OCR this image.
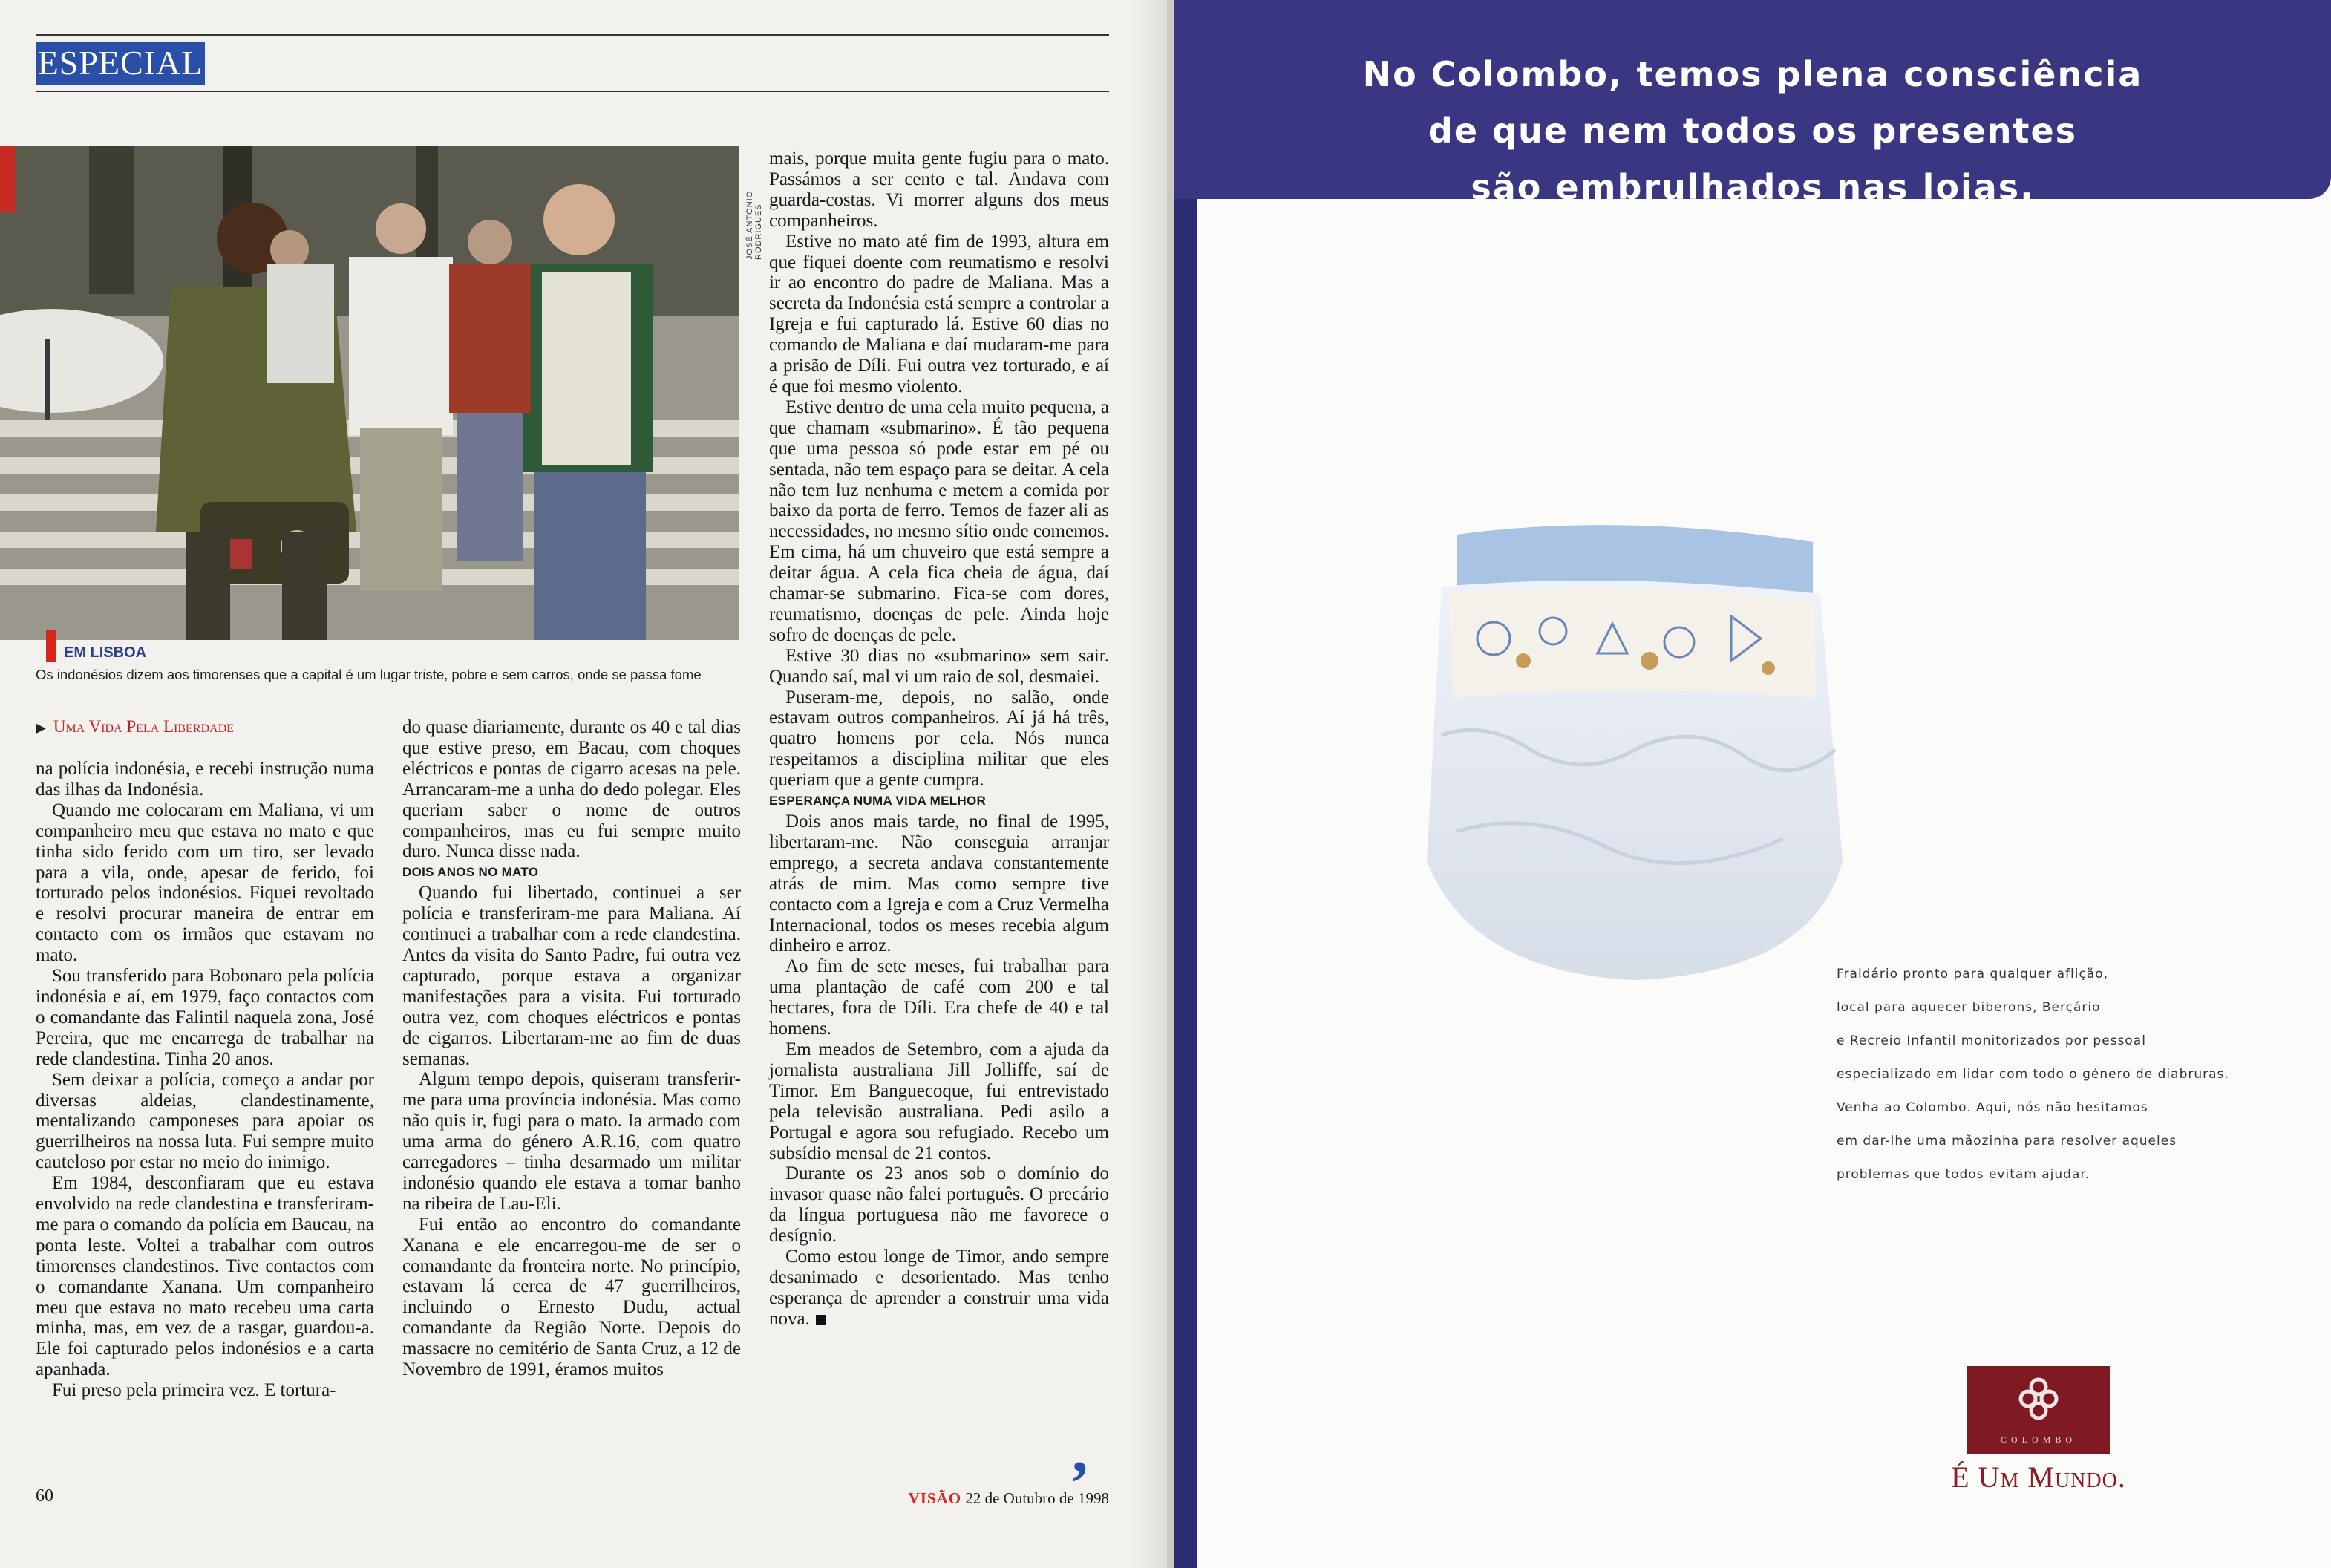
ESPECIAL
JOSÉ ANTÓNIO RODRIGUES
EM LISBOA
Os indonésios dizem aos timorenses que a capital é um lugar triste, pobre e sem carros, onde se passa fome
▶ Uma Vida Pela Liberdade

na polícia indonésia, e recebi instrução numa das ilhas da Indonésia.

Quando me colocaram em Maliana, vi um companheiro meu que estava no mato e que tinha sido ferido com um tiro, ser levado para a vila, onde, apesar de ferido, foi torturado pelos indonésios. Fiquei revoltado e resolvi procurar maneira de entrar em contacto com os irmãos que estavam no mato.

Sou transferido para Bobonaro pela polícia indonésia e aí, em 1979, faço contactos com o comandante das Falintil naquela zona, José Pereira, que me encarrega de trabalhar na rede clandestina. Tinha 20 anos.

Sem deixar a polícia, começo a andar por diversas aldeias, clandestinamente, mentalizando camponeses para apoiar os guerrilheiros na nossa luta. Fui sempre muito cauteloso por estar no meio do inimigo.

Em 1984, desconfiaram que eu estava envolvido na rede clandestina e transferiram-me para o comando da polícia em Baucau, na ponta leste. Voltei a trabalhar com outros timorenses clandestinos. Tive contactos com o comandante Xanana. Um companheiro meu que estava no mato recebeu uma carta minha, mas, em vez de a rasgar, guardou-a. Ele foi capturado pelos indonésios e a carta apanhada.

Fui preso pela primeira vez. E tortura-

do quase diariamente, durante os 40 e tal dias que estive preso, em Bacau, com choques eléctricos e pontas de cigarro acesas na pele. Arrancaram-me a unha do dedo polegar. Eles queriam saber o nome de outros companheiros, mas eu fui sempre muito duro. Nunca disse nada.

DOIS ANOS NO MATO

Quando fui libertado, continuei a ser polícia e transferiram-me para Maliana. Aí continuei a trabalhar com a rede clandestina. Antes da visita do Santo Padre, fui outra vez capturado, porque estava a organizar manifestações para a visita. Fui torturado outra vez, com choques eléctricos e pontas de cigarros. Libertaram-me ao fim de duas semanas.

Algum tempo depois, quiseram transferir-me para uma província indonésia. Mas como não quis ir, fugi para o mato. Ia armado com uma arma do género A.R.16, com quatro carregadores – tinha desarmado um militar indonésio quando ele estava a tomar banho na ribeira de Lau-Eli.

Fui então ao encontro do comandante Xanana e ele encarregou-me de ser o comandante da fronteira norte. No princípio, estavam lá cerca de 47 guerrilheiros, incluindo o Ernesto Dudu, actual comandante da Região Norte. Depois do massacre no cemitério de Santa Cruz, a 12 de Novembro de 1991, éramos muitos

mais, porque muita gente fugiu para o mato. Passámos a ser cento e tal. Andava com guarda-costas. Vi morrer alguns dos meus companheiros.

Estive no mato até fim de 1993, altura em que fiquei doente com reumatismo e resolvi ir ao encontro do padre de Maliana. Mas a secreta da Indonésia está sempre a controlar a Igreja e fui capturado lá. Estive 60 dias no comando de Maliana e daí mudaram-me para a prisão de Díli. Fui outra vez torturado, e aí é que foi mesmo violento.

Estive dentro de uma cela muito pequena, a que chamam «submarino». É tão pequena que uma pessoa só pode estar em pé ou sentada, não tem espaço para se deitar. A cela não tem luz nenhuma e metem a comida por baixo da porta de ferro. Temos de fazer ali as necessidades, no mesmo sítio onde comemos. Em cima, há um chuveiro que está sempre a deitar água. A cela fica cheia de água, daí chamar-se submarino. Fica-se com dores, reumatismo, doenças de pele. Ainda hoje sofro de doenças de pele.

Estive 30 dias no «submarino» sem sair. Quando saí, mal vi um raio de sol, desmaiei.

Puseram-me, depois, no salão, onde estavam outros companheiros. Aí já há três, quatro homens por cela. Nós nunca respeitamos a disciplina militar que eles queriam que a gente cumpra.

ESPERANÇA NUMA VIDA MELHOR

Dois anos mais tarde, no final de 1995, libertaram-me. Não conseguia arranjar emprego, a secreta andava constantemente atrás de mim. Mas como sempre tive contacto com a Igreja e com a Cruz Vermelha Internacional, todos os meses recebia algum dinheiro e arroz.

Ao fim de sete meses, fui trabalhar para uma plantação de café com 200 e tal hectares, fora de Díli. Era chefe de 40 e tal homens.

Em meados de Setembro, com a ajuda da jornalista australiana Jill Jolliffe, saí de Timor. Em Banguecoque, fui entrevistado pela televisão australiana. Pedi asilo a Portugal e agora sou refugiado. Recebo um subsídio mensal de 21 contos.

Durante os 23 anos sob o domínio do invasor quase não falei português. O precário da língua portuguesa não me favorece o desígnio.

Como estou longe de Timor, ando sempre desanimado e desorientado. Mas tenho esperança de aprender a construir uma vida nova.

,
60	VISÃO 22 de Outubro de 1998
No Colombo, temos plena consciência
de que nem todos os presentes
são embrulhados nas lojas.
Fraldário pronto para qualquer aflição,
local para aquecer biberons, Berçário
e Recreio Infantil monitorizados por pessoal
especializado em lidar com todo o género de diabruras.
Venha ao Colombo. Aqui, nós não hesitamos
em dar-lhe uma mãozinha para resolver aqueles
problemas que todos evitam ajudar.
COLOMBO
É Um Mundo.
